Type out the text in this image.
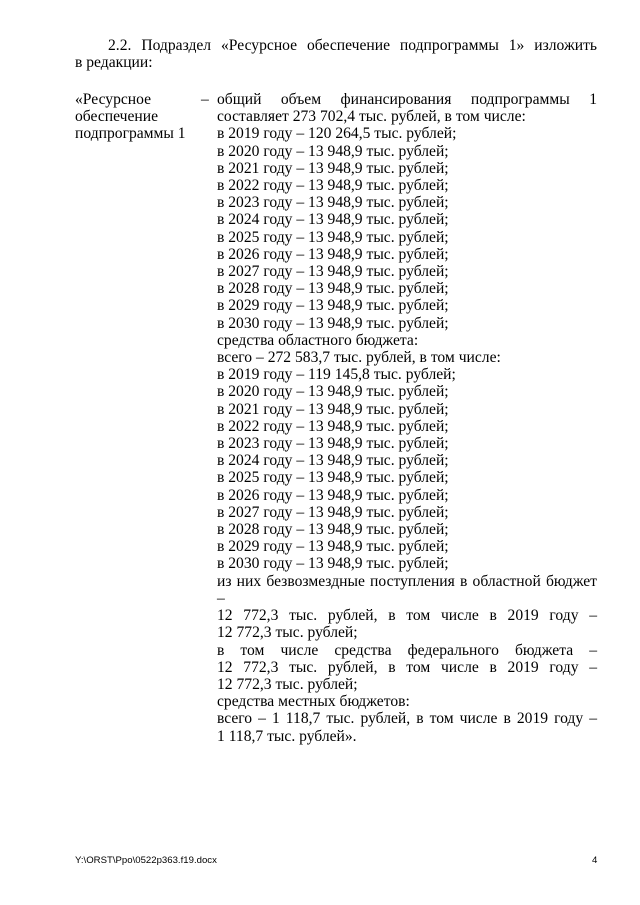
2.2. Подраздел «Ресурсное обеспечение подпрограммы 1» изложить
в редакции:
«Ресурсное
обеспечение
подпрограммы 1
– общий объем финансирования подпрограммы 1
составляет 273 702,4 тыс. рублей, в том числе:
в 2019 году – 120 264,5 тыс. рублей;
в 2020 году – 13 948,9 тыс. рублей;
в 2021 году – 13 948,9 тыс. рублей;
в 2022 году – 13 948,9 тыс. рублей;
в 2023 году – 13 948,9 тыс. рублей;
в 2024 году – 13 948,9 тыс. рублей;
в 2025 году – 13 948,9 тыс. рублей;
в 2026 году – 13 948,9 тыс. рублей;
в 2027 году – 13 948,9 тыс. рублей;
в 2028 году – 13 948,9 тыс. рублей;
в 2029 году – 13 948,9 тыс. рублей;
в 2030 году – 13 948,9 тыс. рублей;
средства областного бюджета:
всего – 272 583,7 тыс. рублей, в том числе:
в 2019 году – 119 145,8 тыс. рублей;
в 2020 году – 13 948,9 тыс. рублей;
в 2021 году – 13 948,9 тыс. рублей;
в 2022 году – 13 948,9 тыс. рублей;
в 2023 году – 13 948,9 тыс. рублей;
в 2024 году – 13 948,9 тыс. рублей;
в 2025 году – 13 948,9 тыс. рублей;
в 2026 году – 13 948,9 тыс. рублей;
в 2027 году – 13 948,9 тыс. рублей;
в 2028 году – 13 948,9 тыс. рублей;
в 2029 году – 13 948,9 тыс. рублей;
в 2030 году – 13 948,9 тыс. рублей;
из них безвозмездные поступления в областной бюджет –
12 772,3 тыс. рублей, в том числе в 2019 году –
12 772,3 тыс. рублей;
в том числе средства федерального бюджета –
12 772,3 тыс. рублей, в том числе в 2019 году –
12 772,3 тыс. рублей;
средства местных бюджетов:
всего – 1 118,7 тыс. рублей, в том числе в 2019 году –
1 118,7 тыс. рублей».
Y:\ORST\Ppo\0522p363.f19.docx	4
